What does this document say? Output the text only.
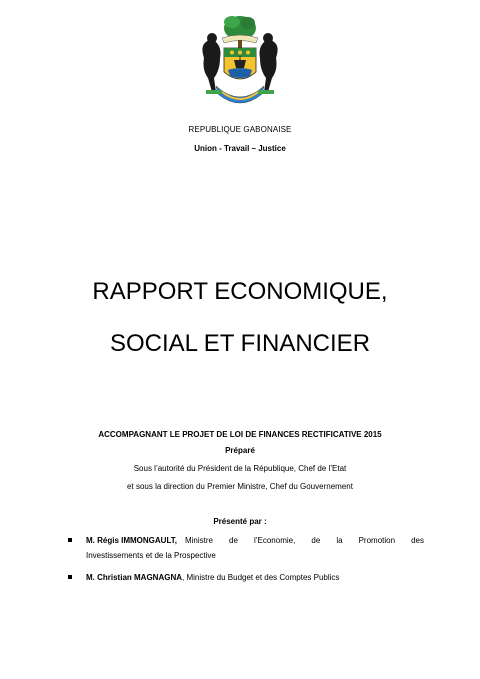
REPUBLIQUE GABONAISE
Union - Travail – Justice
RAPPORT ECONOMIQUE,
SOCIAL ET FINANCIER
ACCOMPAGNANT LE PROJET DE LOI DE FINANCES RECTIFICATIVE 2015
Préparé
Sous l’autorité du Président de la République, Chef de l’Etat
et sous la direction du Premier Ministre, Chef du Gouvernement
Présenté par :
M. Régis IMMONGAULT, Ministre de l’Economie, de la Promotion des
Investissements et de la Prospective
M. Christian MAGNAGNA, Ministre du Budget et des Comptes Publics
